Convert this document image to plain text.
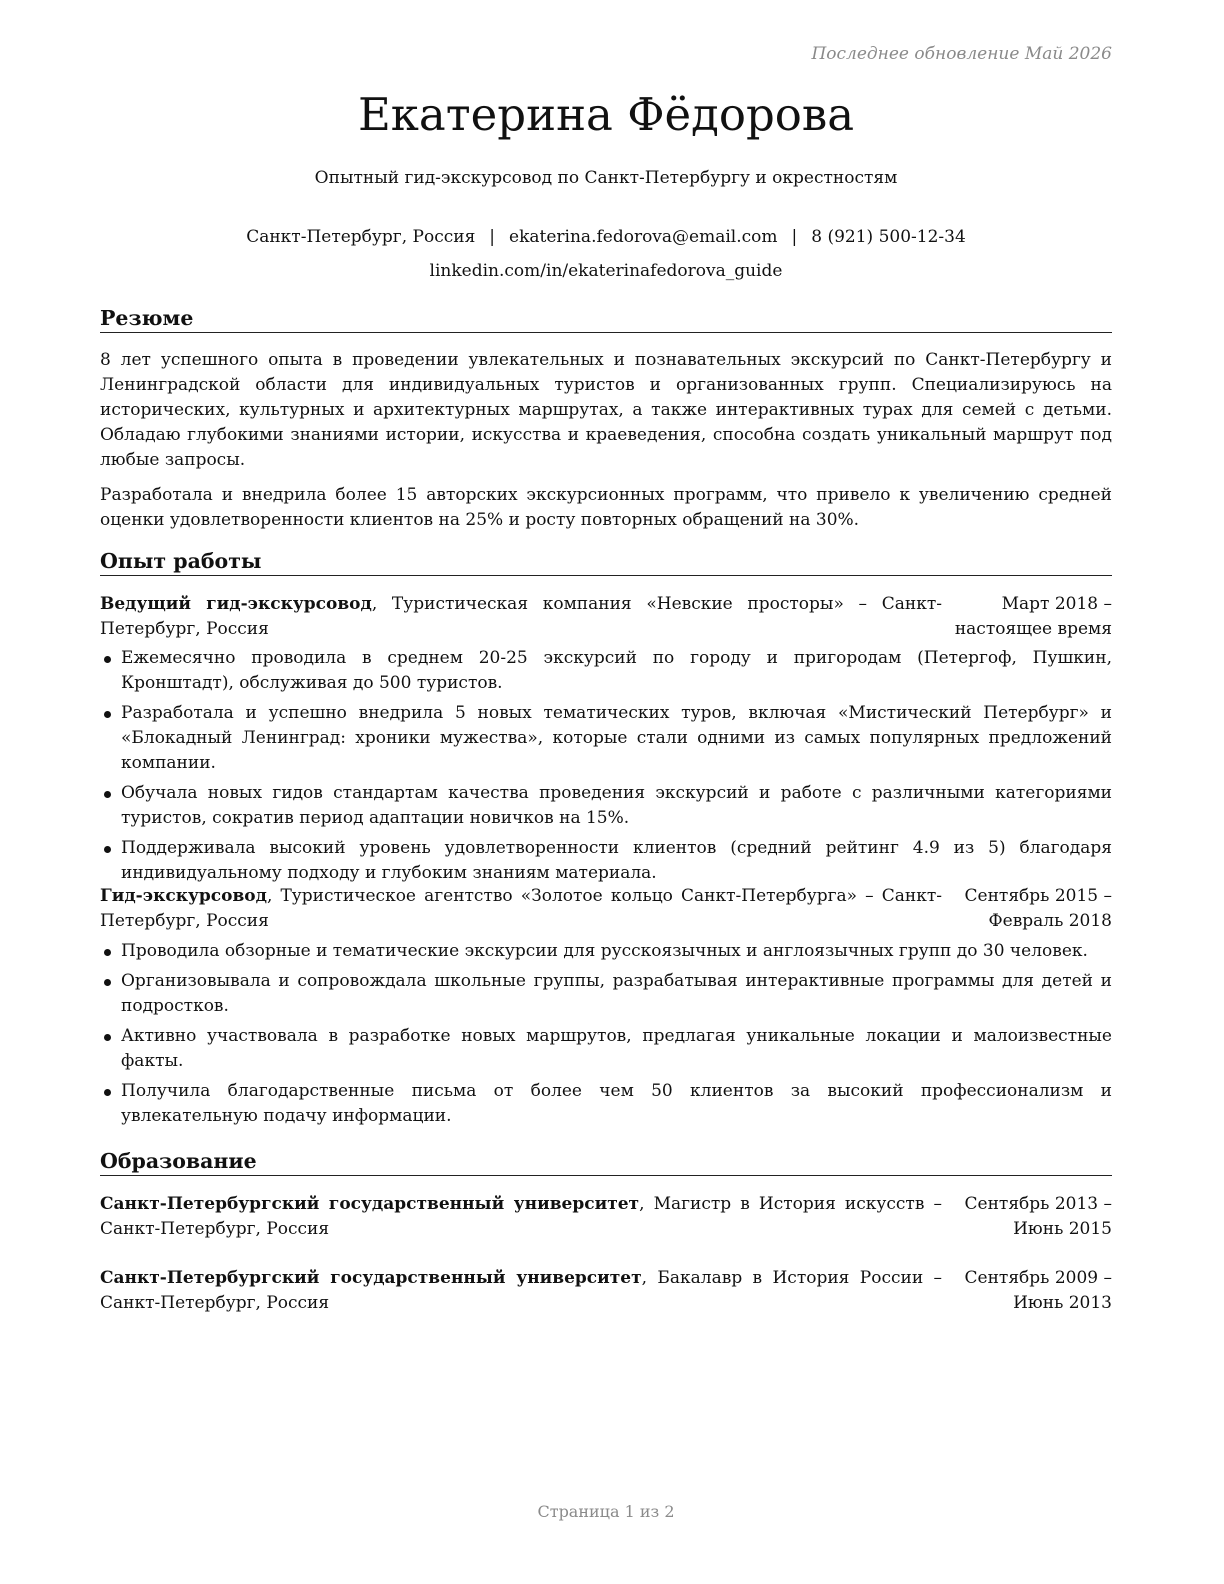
Последнее обновление Май 2026
Екатерина Фёдорова
Опытный гид-экскурсовод по Санкт-Петербургу и окрестностям
Санкт-Петербург, Россия | ekaterina.fedorova@email.com | 8 (921) 500-12-34
linkedin.com/in/ekaterinafedorova_guide
Резюме

8 лет успешного опыта в проведении увлекательных и познавательных экскурсий по Санкт-Петербургу и Ленинградской области для индивидуальных туристов и организованных групп. Специализируюсь на исторических, культурных и архитектурных маршрутах, а также интерактивных турах для семей с детьми. Обладаю глубокими знаниями истории, искусства и краеведения, способна создать уникальный маршрут под любые запросы.

Разработала и внедрила более 15 авторских экскурсионных программ, что привело к увеличению средней оценки удовлетворенности клиентов на 25% и росту повторных обращений на 30%.

Опыт работы
Ведущий гид-экскурсовод, Туристическая компания «Невские просторы» – Санкт-Петербург, Россия
Март 2018 – настоящее время
Ежемесячно проводила в среднем 20-25 экскурсий по городу и пригородам (Петергоф, Пушкин, Кронштадт), обслуживая до 500 туристов.
Разработала и успешно внедрила 5 новых тематических туров, включая «Мистический Петербург» и «Блокадный Ленинград: хроники мужества», которые стали одними из самых популярных предложений компании.
Обучала новых гидов стандартам качества проведения экскурсий и работе с различными категориями туристов, сократив период адаптации новичков на 15%.
Поддерживала высокий уровень удовлетворенности клиентов (средний рейтинг 4.9 из 5) благодаря индивидуальному подходу и глубоким знаниям материала.
Гид-экскурсовод, Туристическое агентство «Золотое кольцо Санкт-Петербурга» – Санкт-Петербург, Россия
Сентябрь 2015 – Февраль 2018
Проводила обзорные и тематические экскурсии для русскоязычных и англоязычных групп до 30 человек.
Организовывала и сопровождала школьные группы, разрабатывая интерактивные программы для детей и подростков.
Активно участвовала в разработке новых маршрутов, предлагая уникальные локации и малоизвестные факты.
Получила благодарственные письма от более чем 50 клиентов за высокий профессионализм и увлекательную подачу информации.
Образование
Санкт-Петербургский государственный университет, Магистр в История искусств – Санкт-Петербург, Россия
Сентябрь 2013 – Июнь 2015
Санкт-Петербургский государственный университет, Бакалавр в История России – Санкт-Петербург, Россия
Сентябрь 2009 – Июнь 2013
Страница 1 из 2
